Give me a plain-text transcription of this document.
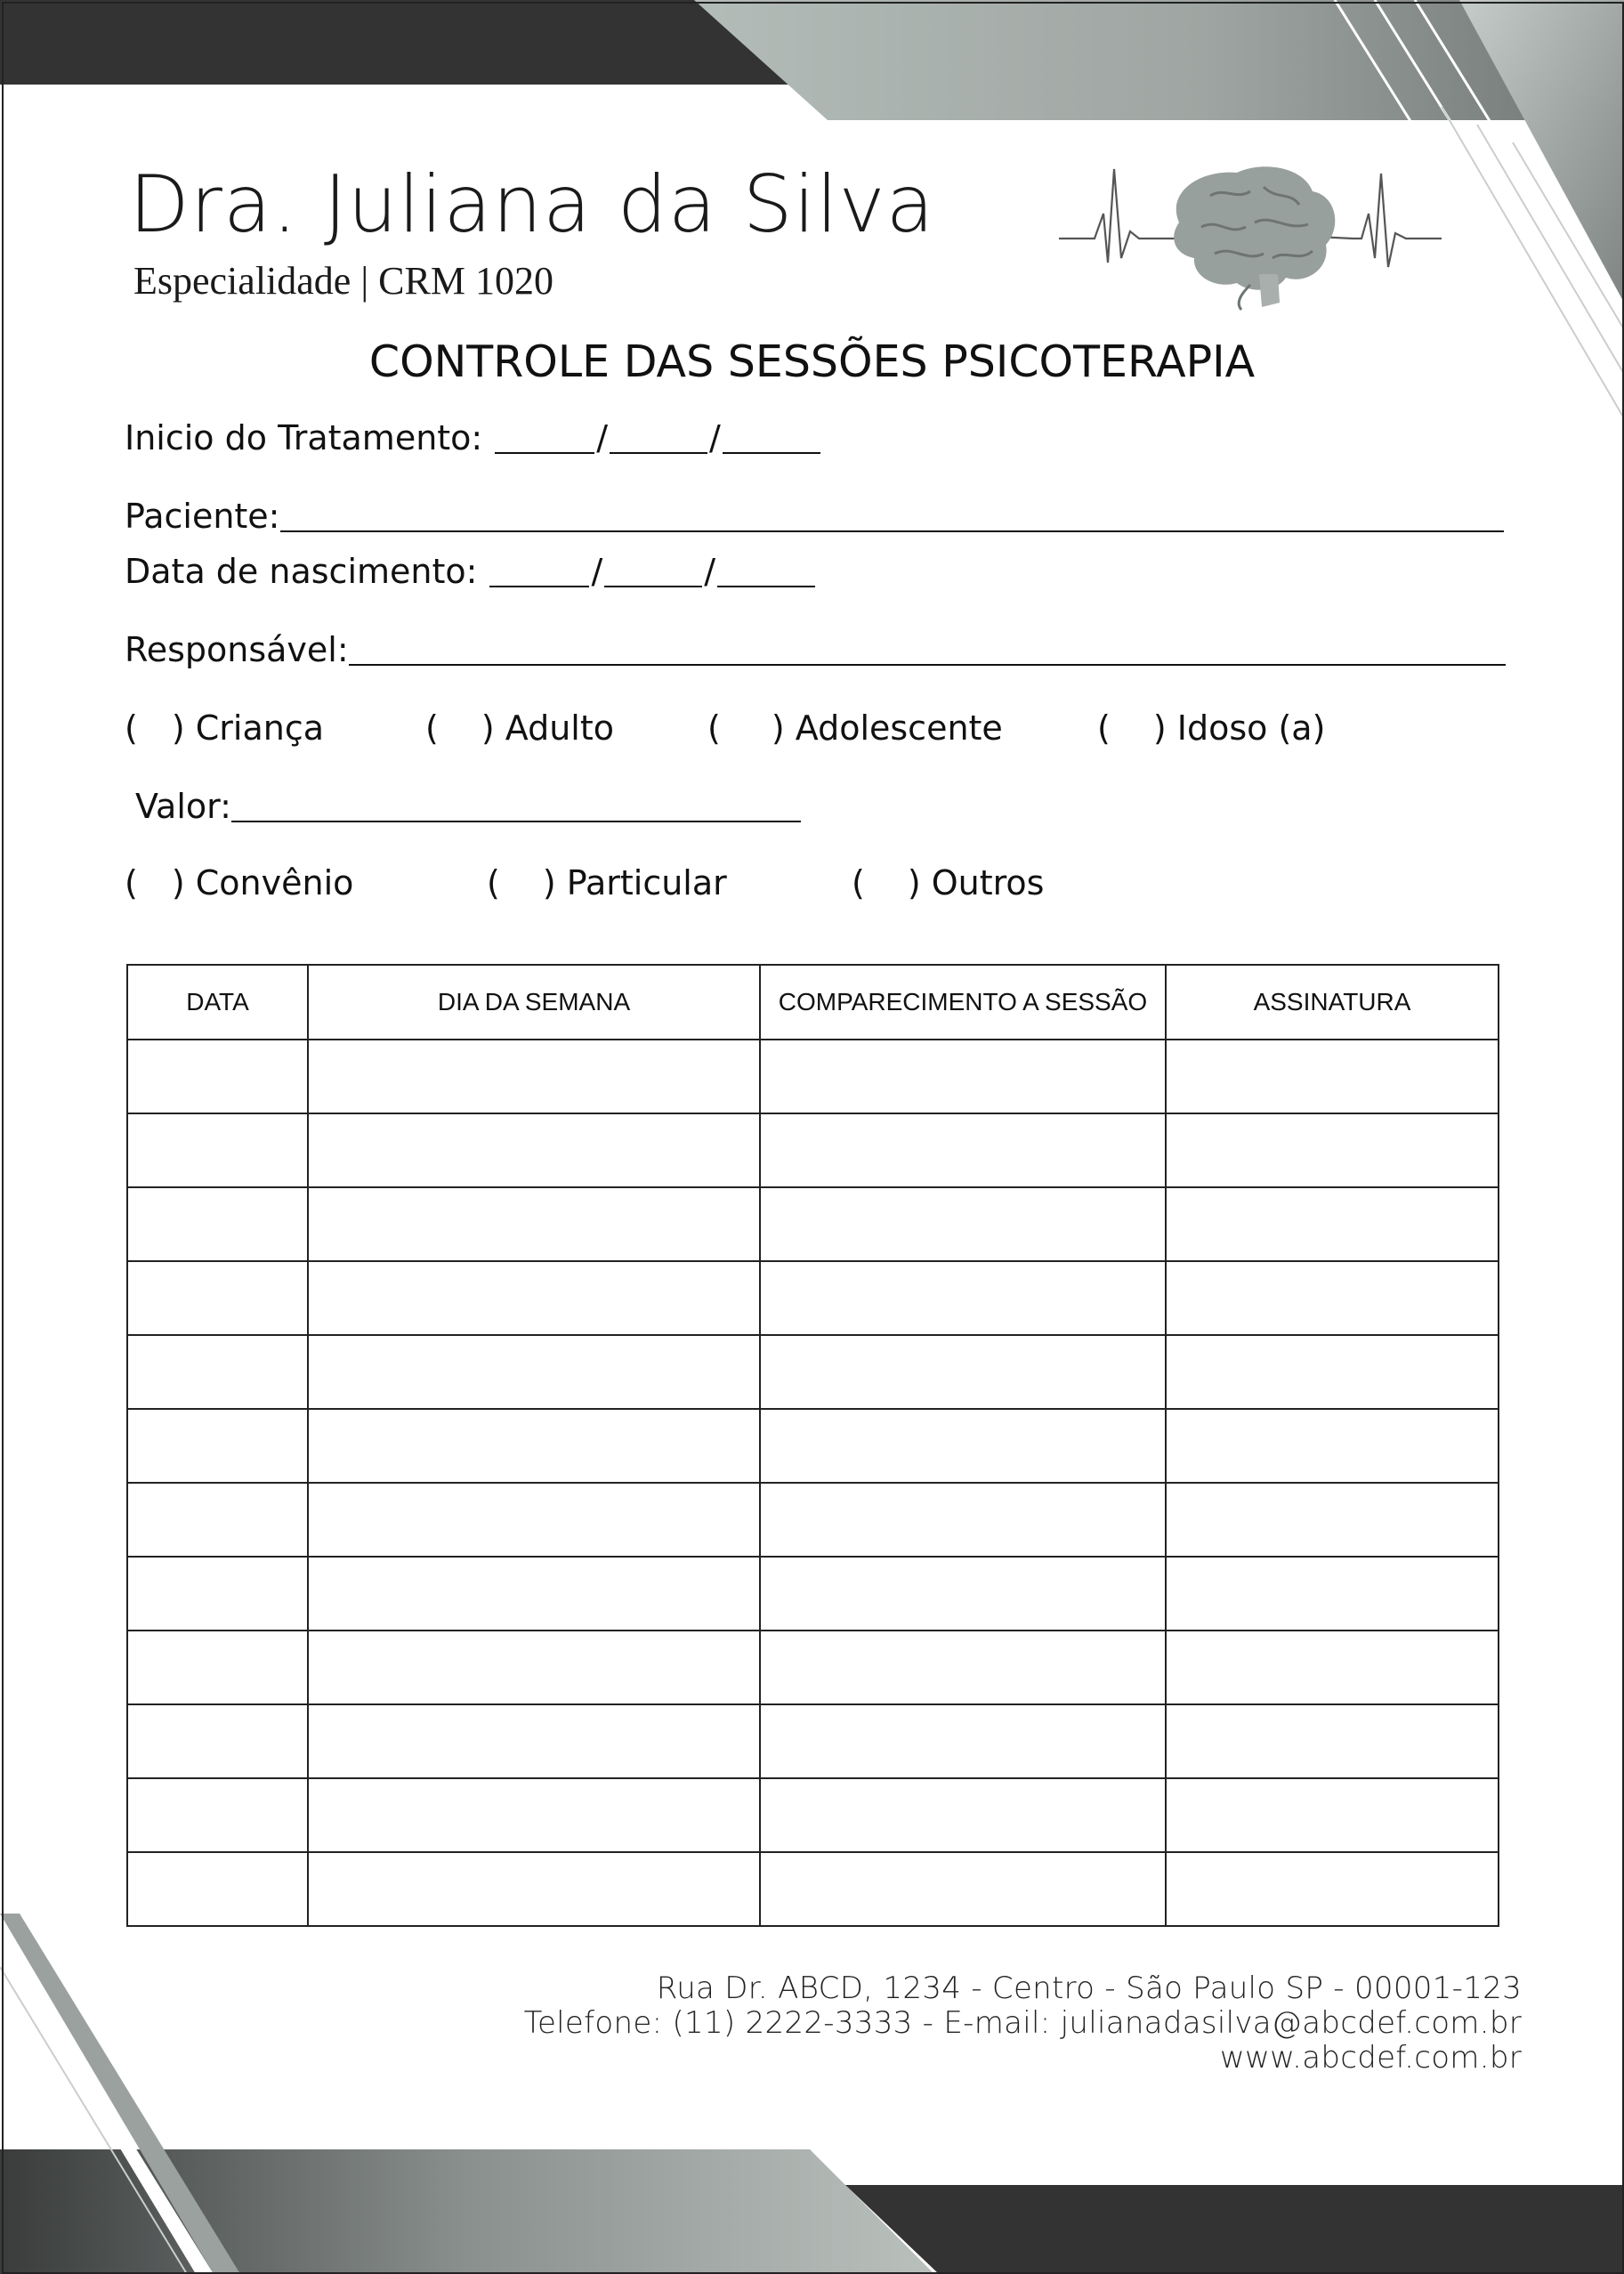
Dra. Juliana da Silva
Especialidade | CRM 1020
CONTROLE DAS SESSÕES PSICOTERAPIA
Inicio do Tratamento:	/	/
Paciente:
Data de nascimento:	/	/
Responsável:
( ) Criança	( ) Adulto	( ) Adolescente	( ) Idoso (a)
Valor:
( ) Convênio	( ) Particular	( ) Outros
DATA	DIA DA SEMANA	COMPARECIMENTO A SESSÃO	ASSINATURA

Rua Dr. ABCD, 1234 - Centro - São Paulo SP - 00001-123
Telefone: (11) 2222-3333 - E-mail: julianadasilva@abcdef.com.br
www.abcdef.com.br
